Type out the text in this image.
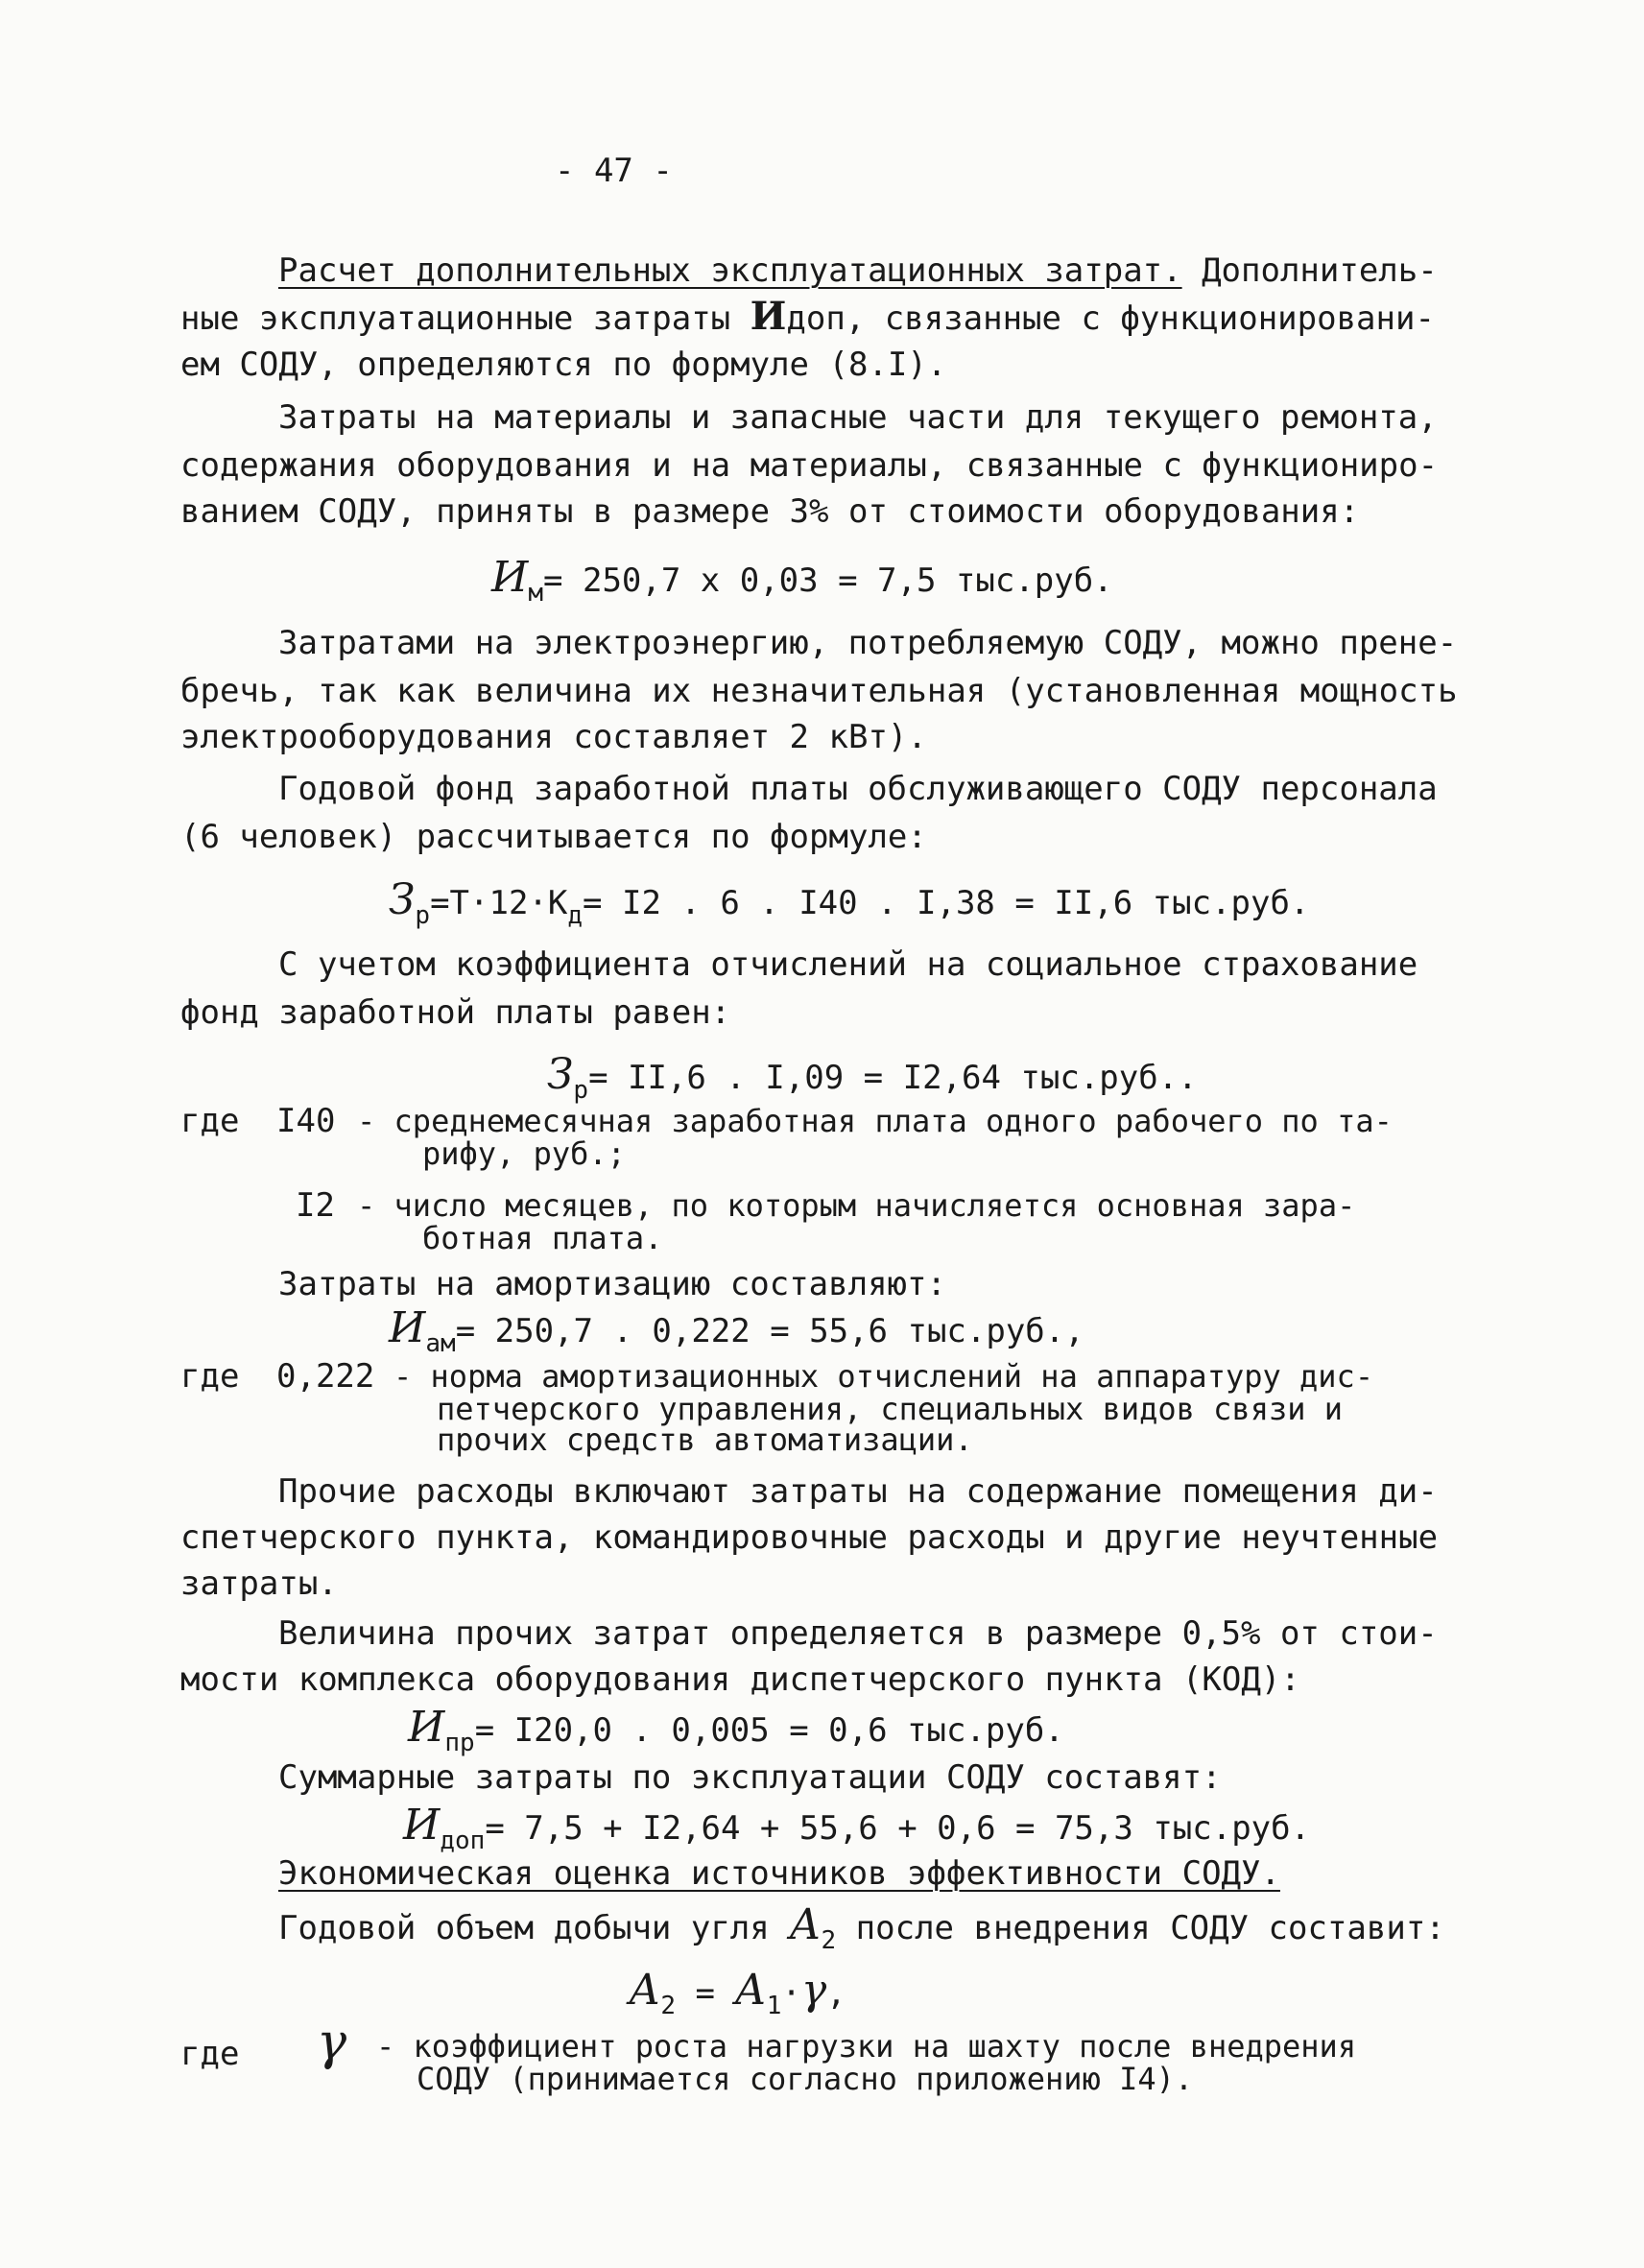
- 47 -
Расчет дополнительных эксплуатационных затрат. Дополнитель-
ные эксплуатационные затраты Идоп, связанные с функционировани-
ем СОДУ, определяются по формуле (8.I).
Затраты на материалы и запасные части для текущего ремонта,
содержания оборудования и на материалы, связанные с функциониро-
ванием СОДУ, приняты в размере 3% от стоимости оборудования:
$И_м= 250,7$ х 0,03 = 7,5 тыс.руб.
Затратами на электроэнергию, потребляемую СОДУ, можно прене-
бречь, так как величина их незначительная (установленная мощность
электрооборудования составляет 2 кВт).
Годовой фонд заработной платы обслуживающего СОДУ персонала
(6 человек) рассчитывается по формуле:
$З_р=Т\cdot 12\cdot К_д= I2$ . 6 . I40 . I,38 = II,6 тыс.руб.
С учетом коэффициента отчислений на социальное страхование
фонд заработной платы равен:
$З_р= II,6$ . I,09 = I2,64 тыс.руб..
где I40 - среднемесячная заработная плата одного рабочего по та-
рифу, руб.;
I2 - число месяцев, по которым начисляется основная зара-
ботная плата.
Затраты на амортизацию составляют:
$И_{ам}= 250,7$ . 0,222 = 55,6 тыс.руб.,
где 0,222 - норма амортизационных отчислений на аппаратуру дис-
петчерского управления, специальных видов связи и
прочих средств автоматизации.
Прочие расходы включают затраты на содержание помещения ди-
спетчерского пункта, командировочные расходы и другие неучтенные
затраты.
Величина прочих затрат определяется в размере 0,5% от стои-
мости комплекса оборудования диспетчерского пункта (КОД):
$И_{пр}= I20,0$ . 0,005 = 0,6 тыс.руб.
Суммарные затраты по эксплуатации СОДУ составят:
$И_{доп}= 7,5 + I2,64 + 55,6 + 0,6 = 75,3$ тыс.руб.
Экономическая оценка источников эффективности СОДУ.
Годовой объем добычи угля $А_2$ после внедрения СОДУ составит:
$А_2 = А_1\cdot\gamma$,
где γ - коэффициент роста нагрузки на шахту после внедрения
СОДУ (принимается согласно приложению I4).
